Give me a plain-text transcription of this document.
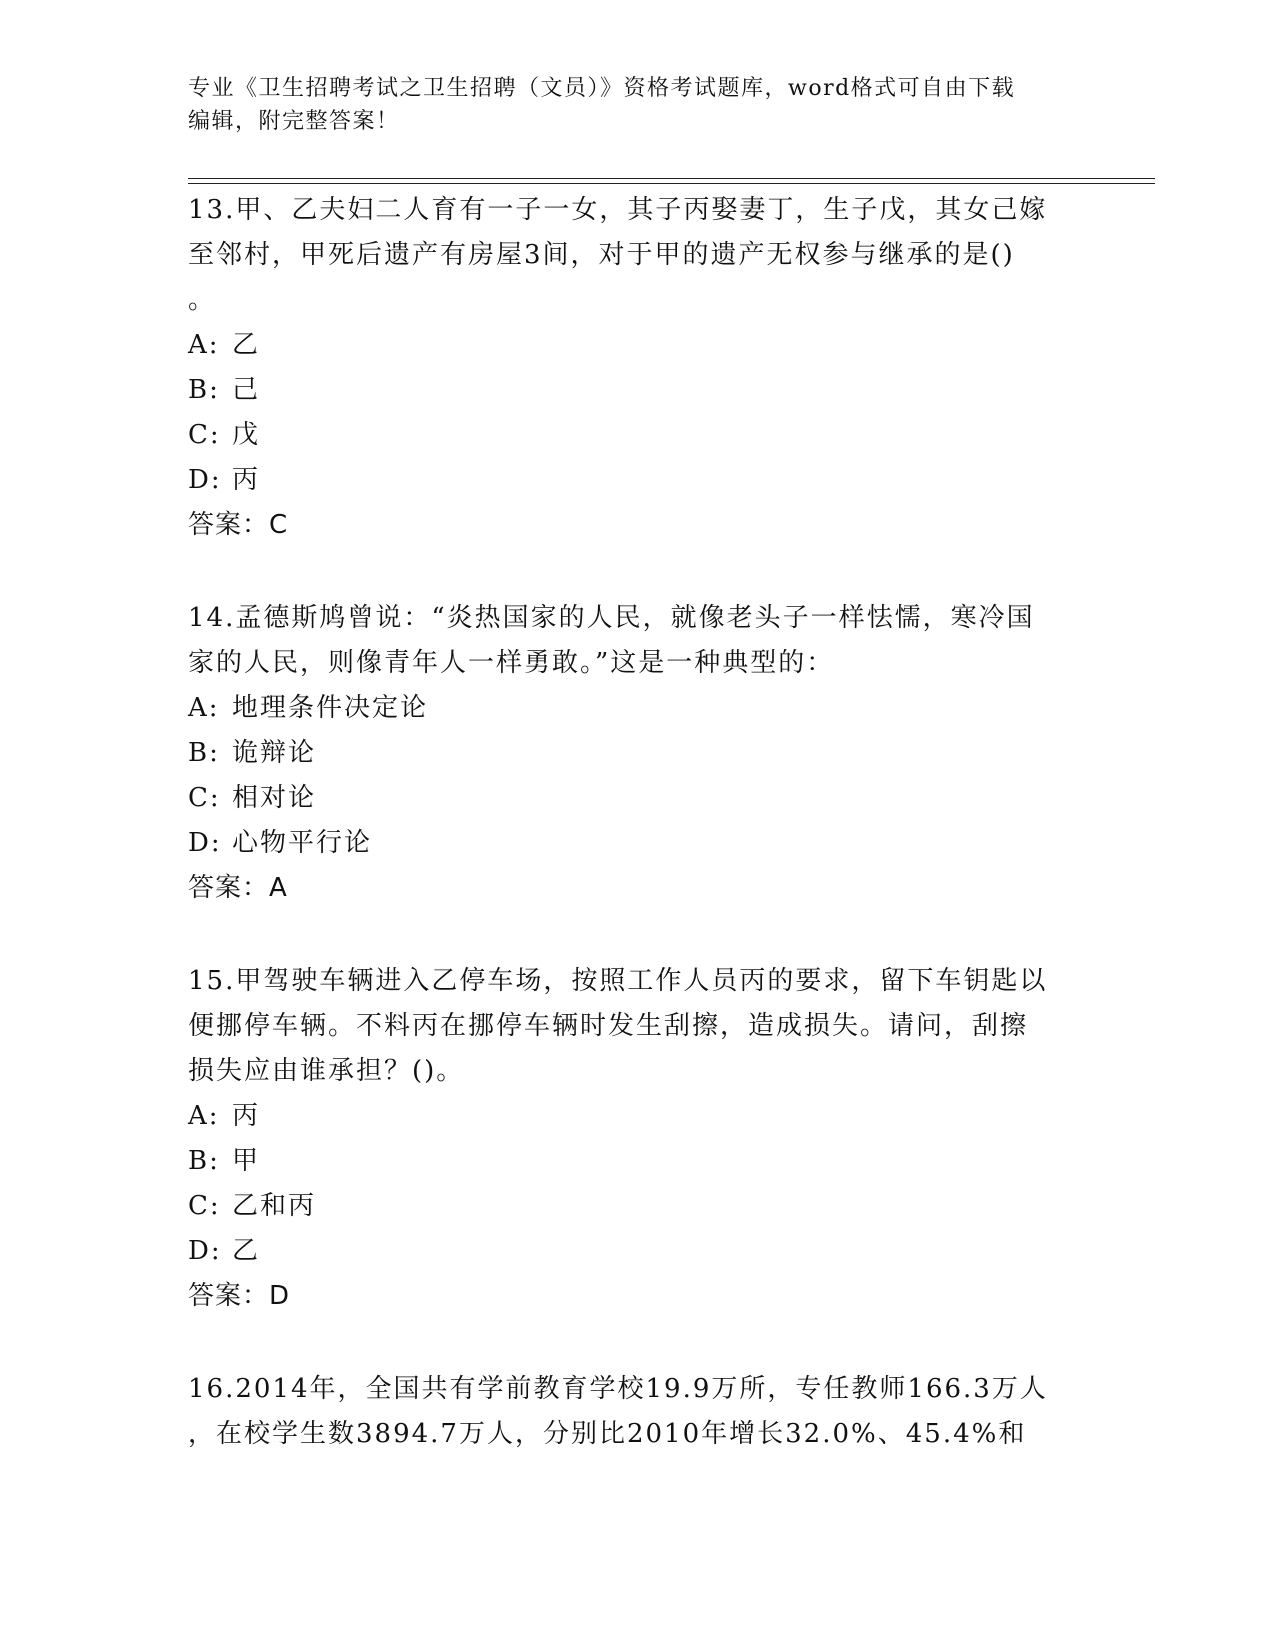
专业《卫生招聘考试之卫生招聘（文员）》资格考试题库，word格式可自由下载
编辑，附完整答案！

13.甲、乙夫妇二人育有一子一女，其子丙娶妻丁，生子戊，其女己嫁

至邻村，甲死后遗产有房屋3间，对于甲的遗产无权参与继承的是()

。

A: 乙

B: 己

C: 戊

D: 丙

答案：C

14.孟德斯鸠曾说：“炎热国家的人民，就像老头子一样怯懦，寒冷国

家的人民，则像青年人一样勇敢。”这是一种典型的：

A: 地理条件决定论

B: 诡辩论

C: 相对论

D: 心物平行论

答案：A

15.甲驾驶车辆进入乙停车场，按照工作人员丙的要求，留下车钥匙以

便挪停车辆。不料丙在挪停车辆时发生刮擦，造成损失。请问，刮擦

损失应由谁承担？()。

A: 丙

B: 甲

C: 乙和丙

D: 乙

答案：D

16.2014年，全国共有学前教育学校19.9万所，专任教师166.3万人

，在校学生数3894.7万人，分别比2010年增长32.0%、45.4%和
